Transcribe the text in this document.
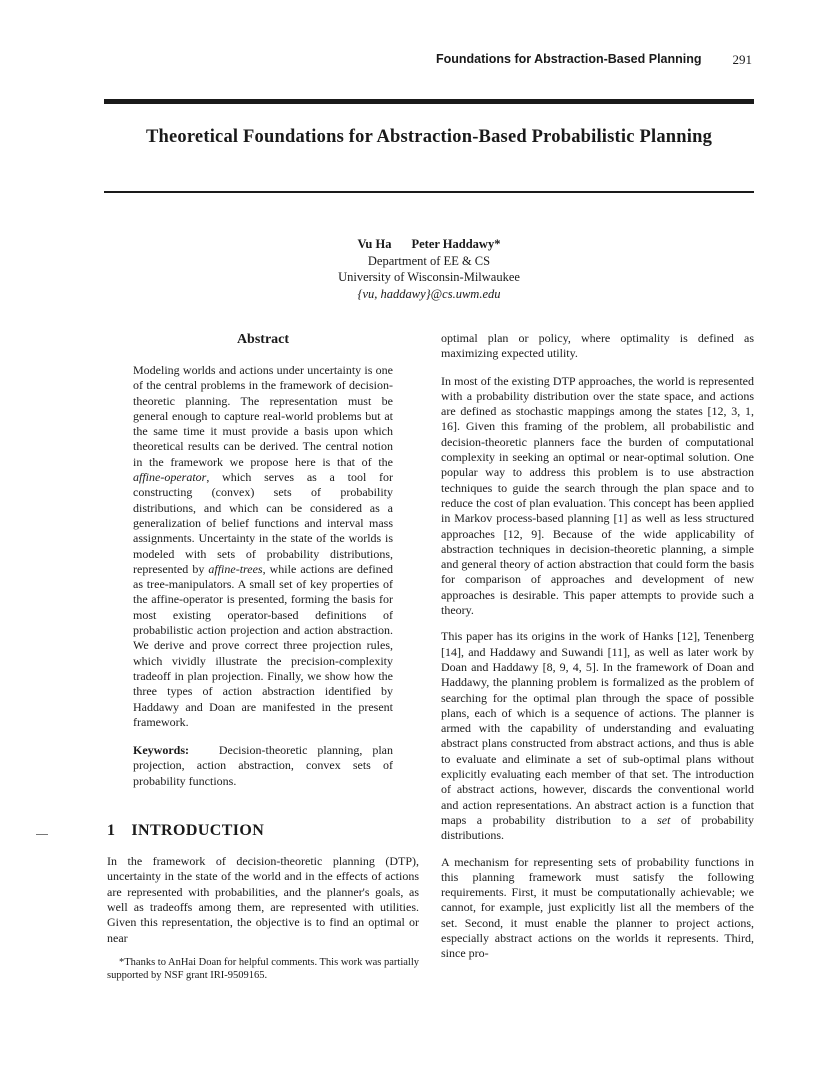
Foundations for Abstraction-Based Planning 291
Theoretical Foundations for Abstraction-Based Probabilistic Planning
Vu Ha Peter Haddawy*
Department of EE & CS
University of Wisconsin-Milwaukee
{vu, haddawy}@cs.uwm.edu
Abstract

Modeling worlds and actions under uncertainty is one of the central problems in the framework of decision-theoretic planning. The representation must be general enough to capture real-world problems but at the same time it must provide a basis upon which theoretical results can be derived. The central notion in the framework we propose here is that of the affine-operator, which serves as a tool for constructing (convex) sets of probability distributions, and which can be considered as a generalization of belief functions and interval mass assignments. Uncertainty in the state of the worlds is modeled with sets of probability distributions, represented by affine-trees, while actions are defined as tree-manipulators. A small set of key properties of the affine-operator is presented, forming the basis for most existing operator-based definitions of probabilistic action projection and action abstraction. We derive and prove correct three projection rules, which vividly illustrate the precision-complexity tradeoff in plan projection. Finally, we show how the three types of action abstraction identified by Haddawy and Doan are manifested in the present framework.

Keywords: Decision-theoretic planning, plan projection, action abstraction, convex sets of probability functions.

1 INTRODUCTION

In the framework of decision-theoretic planning (DTP), uncertainty in the state of the world and in the effects of actions are represented with probabilities, and the planner's goals, as well as tradeoffs among them, are represented with utilities. Given this representation, the objective is to find an optimal or near

*Thanks to AnHai Doan for helpful comments. This work was partially supported by NSF grant IRI-9509165.

optimal plan or policy, where optimality is defined as maximizing expected utility.

In most of the existing DTP approaches, the world is represented with a probability distribution over the state space, and actions are defined as stochastic mappings among the states [12, 3, 1, 16]. Given this framing of the problem, all probabilistic and decision-theoretic planners face the burden of computational complexity in seeking an optimal or near-optimal solution. One popular way to address this problem is to use abstraction techniques to guide the search through the plan space and to reduce the cost of plan evaluation. This concept has been applied in Markov process-based planning [1] as well as less structured approaches [12, 9]. Because of the wide applicability of abstraction techniques in decision-theoretic planning, a simple and general theory of action abstraction that could form the basis for comparison of approaches and development of new approaches is desirable. This paper attempts to provide such a theory.

This paper has its origins in the work of Hanks [12], Tenenberg [14], and Haddawy and Suwandi [11], as well as later work by Doan and Haddawy [8, 9, 4, 5]. In the framework of Doan and Haddawy, the planning problem is formalized as the problem of searching for the optimal plan through the space of possible plans, each of which is a sequence of actions. The planner is armed with the capability of understanding and evaluating abstract plans constructed from abstract actions, and thus is able to evaluate and eliminate a set of sub-optimal plans without explicitly evaluating each member of that set. The introduction of abstract actions, however, discards the conventional world and action representations. An abstract action is a function that maps a probability distribution to a set of probability distributions.

A mechanism for representing sets of probability functions in this planning framework must satisfy the following requirements. First, it must be computationally achievable; we cannot, for example, just explicitly list all the members of the set. Second, it must enable the planner to project actions, especially abstract actions on the worlds it represents. Third, since pro-
